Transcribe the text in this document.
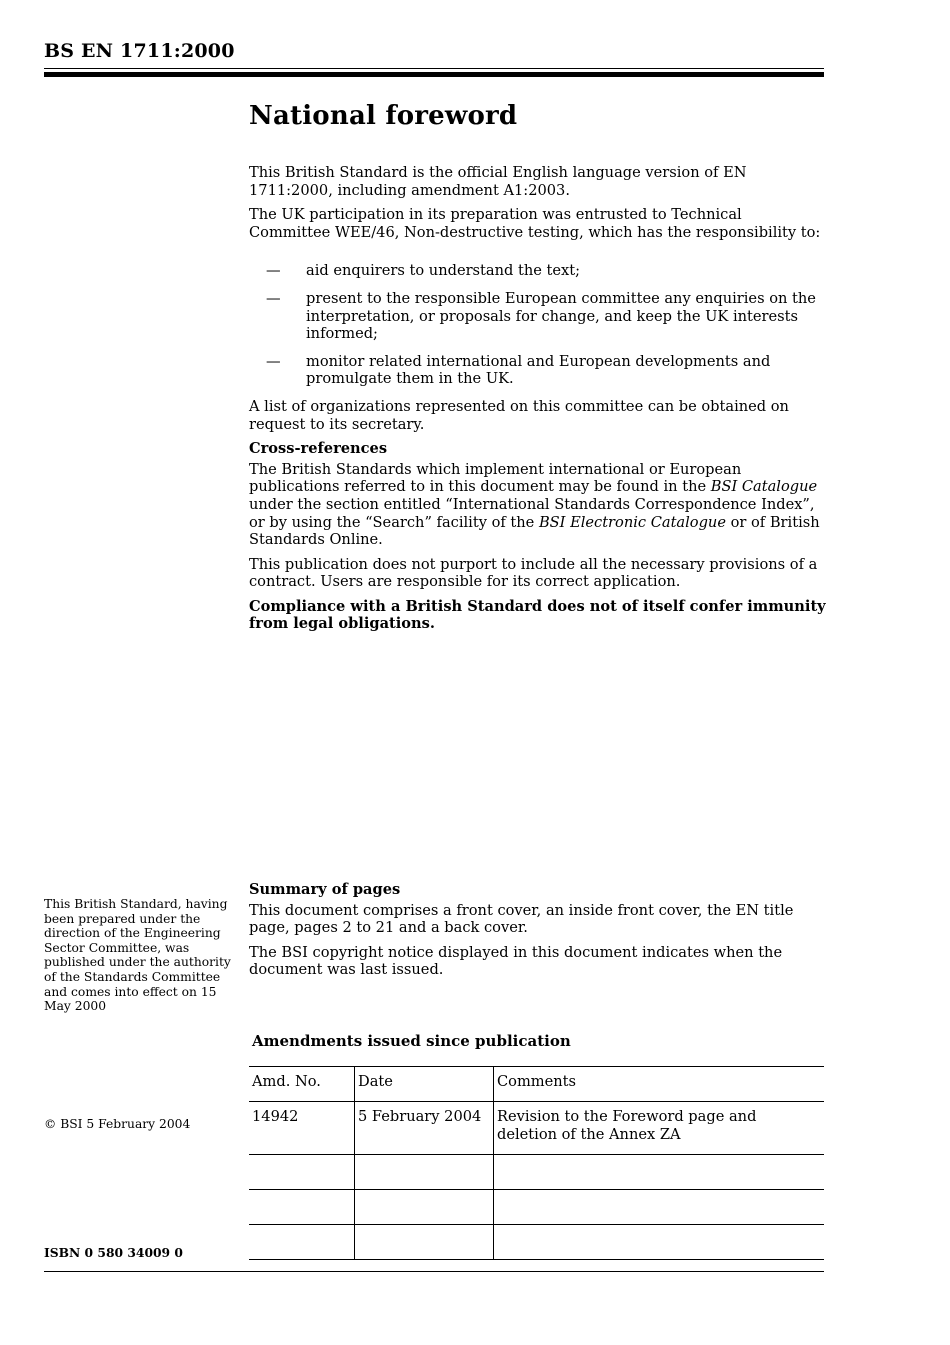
BS EN 1711:2000
National foreword

This British Standard is the official English language version of EN 1711:2000, including amendment A1:2003.

The UK participation in its preparation was entrusted to Technical Committee WEE/46, Non-destructive testing, which has the responsibility to:

— aid enquirers to understand the text;
— present to the responsible European committee any enquiries on the interpretation, or proposals for change, and keep the UK interests informed;
— monitor related international and European developments and promulgate them in the UK.

A list of organizations represented on this committee can be obtained on request to its secretary.

Cross-references

The British Standards which implement international or European publications referred to in this document may be found in the BSI Catalogue under the section entitled “International Standards Correspondence Index”, or by using the “Search” facility of the BSI Electronic Catalogue or of British Standards Online.

This publication does not purport to include all the necessary provisions of a contract. Users are responsible for its correct application.

Compliance with a British Standard does not of itself confer immunity from legal obligations.

Summary of pages

This document comprises a front cover, an inside front cover, the EN title page, pages 2 to 21 and a back cover.

The BSI copyright notice displayed in this document indicates when the document was last issued.

This British Standard, having been prepared under the direction of the Engineering Sector Committee, was published under the authority of the Standards Committee and comes into effect on 15 May 2000
© BSI 5 February 2004
ISBN 0 580 34009 0
Amendments issued since publication
Amd. No.	Date	Comments
14942	5 February 2004	Revision to the Foreword page and deletion of the Annex ZA
